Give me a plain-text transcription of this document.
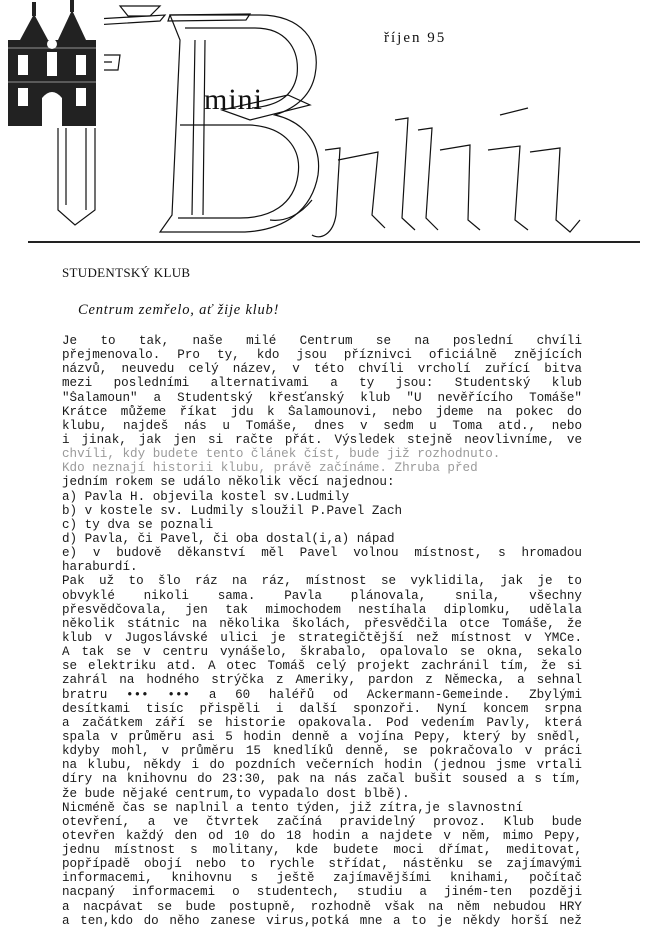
mini
říjen 95
STUDENTSKÝ KLUB
Centrum zemřelo, ať žije klub!
Je to tak, naše milé Centrum se na poslední chvíli
přejmenovalo. Pro ty, kdo jsou příznivci oficiálně znějících
názvů, neuvedu celý název, v této chvíli vrcholí zuřící bitva
mezi posledními alternativami a ty jsou: Studentský klub
"Šalamoun" a Studentský křesťanský klub "U nevěřícího Tomáše"
Krátce můžeme říkat jdu k Šalamounovi, nebo jdeme na pokec do
klubu, najdeš nás u Tomáše, dnes v sedm u Toma atd., nebo
i jinak, jak jen si račte přát. Výsledek stejně neovlivníme, ve
chvíli, kdy budete tento článek číst, bude již rozhodnuto.
Kdo neznají historii klubu, právě začínáme. Zhruba před
jedním rokem se událo několik věcí najednou:
a) Pavla H. objevila kostel sv.Ludmily
b) v kostele sv. Ludmily sloužil P.Pavel Zach
c) ty dva se poznali
d) Pavla, či Pavel, či oba dostal(i,a) nápad
e) v budově děkanství měl Pavel volnou místnost, s hromadou
haraburdí.
Pak už to šlo ráz na ráz, místnost se vyklidila, jak je to
obvyklé nikoli sama. Pavla plánovala, snila, všechny
přesvědčovala, jen tak mimochodem nestíhala diplomku, udělala
několik státnic na několika školách, přesvědčila otce Tomáše, že
klub v Jugoslávské ulici je strategičtější než místnost v YMCe.
A tak se v centru vynášelo, škrabalo, opalovalo se okna, sekalo
se elektriku atd. A otec Tomáš celý projekt zachránil tím, že si
zahrál na hodného strýčka z Ameriky, pardon z Německa, a sehnal
bratru ••• ••• a 60 haléřů od Ackermann-Gemeinde. Zbylými
desítkami tisíc přispěli i další sponzoři. Nyní koncem srpna
a začátkem září se historie opakovala. Pod vedením Pavly, která
spala v průměru asi 5 hodin denně a vojína Pepy, který by snědl,
kdyby mohl, v průměru 15 knedlíků denně, se pokračovalo v práci
na klubu, někdy i do pozdních večerních hodin (jednou jsme vrtali
díry na knihovnu do 23:30, pak na nás začal bušit soused a s tím,
že bude nějaké centrum,to vypadalo dost blbě).
Nicméně čas se naplnil a tento týden, již zítra,je slavnostní
otevření, a ve čtvrtek začíná pravidelný provoz. Klub bude
otevřen každý den od 10 do 18 hodin a najdete v něm, mimo Pepy,
jednu místnost s molitany, kde budete moci dřímat, meditovat,
popřípadě obojí nebo to rychle střídat, nástěnku se zajímavými
informacemi, knihovnu s ještě zajímavějšími knihami, počítač
nacpaný informacemi o studentech, studiu a jiném-ten později
a nacpávat se bude postupně, rozhodně však na něm nebudou HRY
a ten,kdo do něho zanese virus,potká mne a to je někdy horší než
